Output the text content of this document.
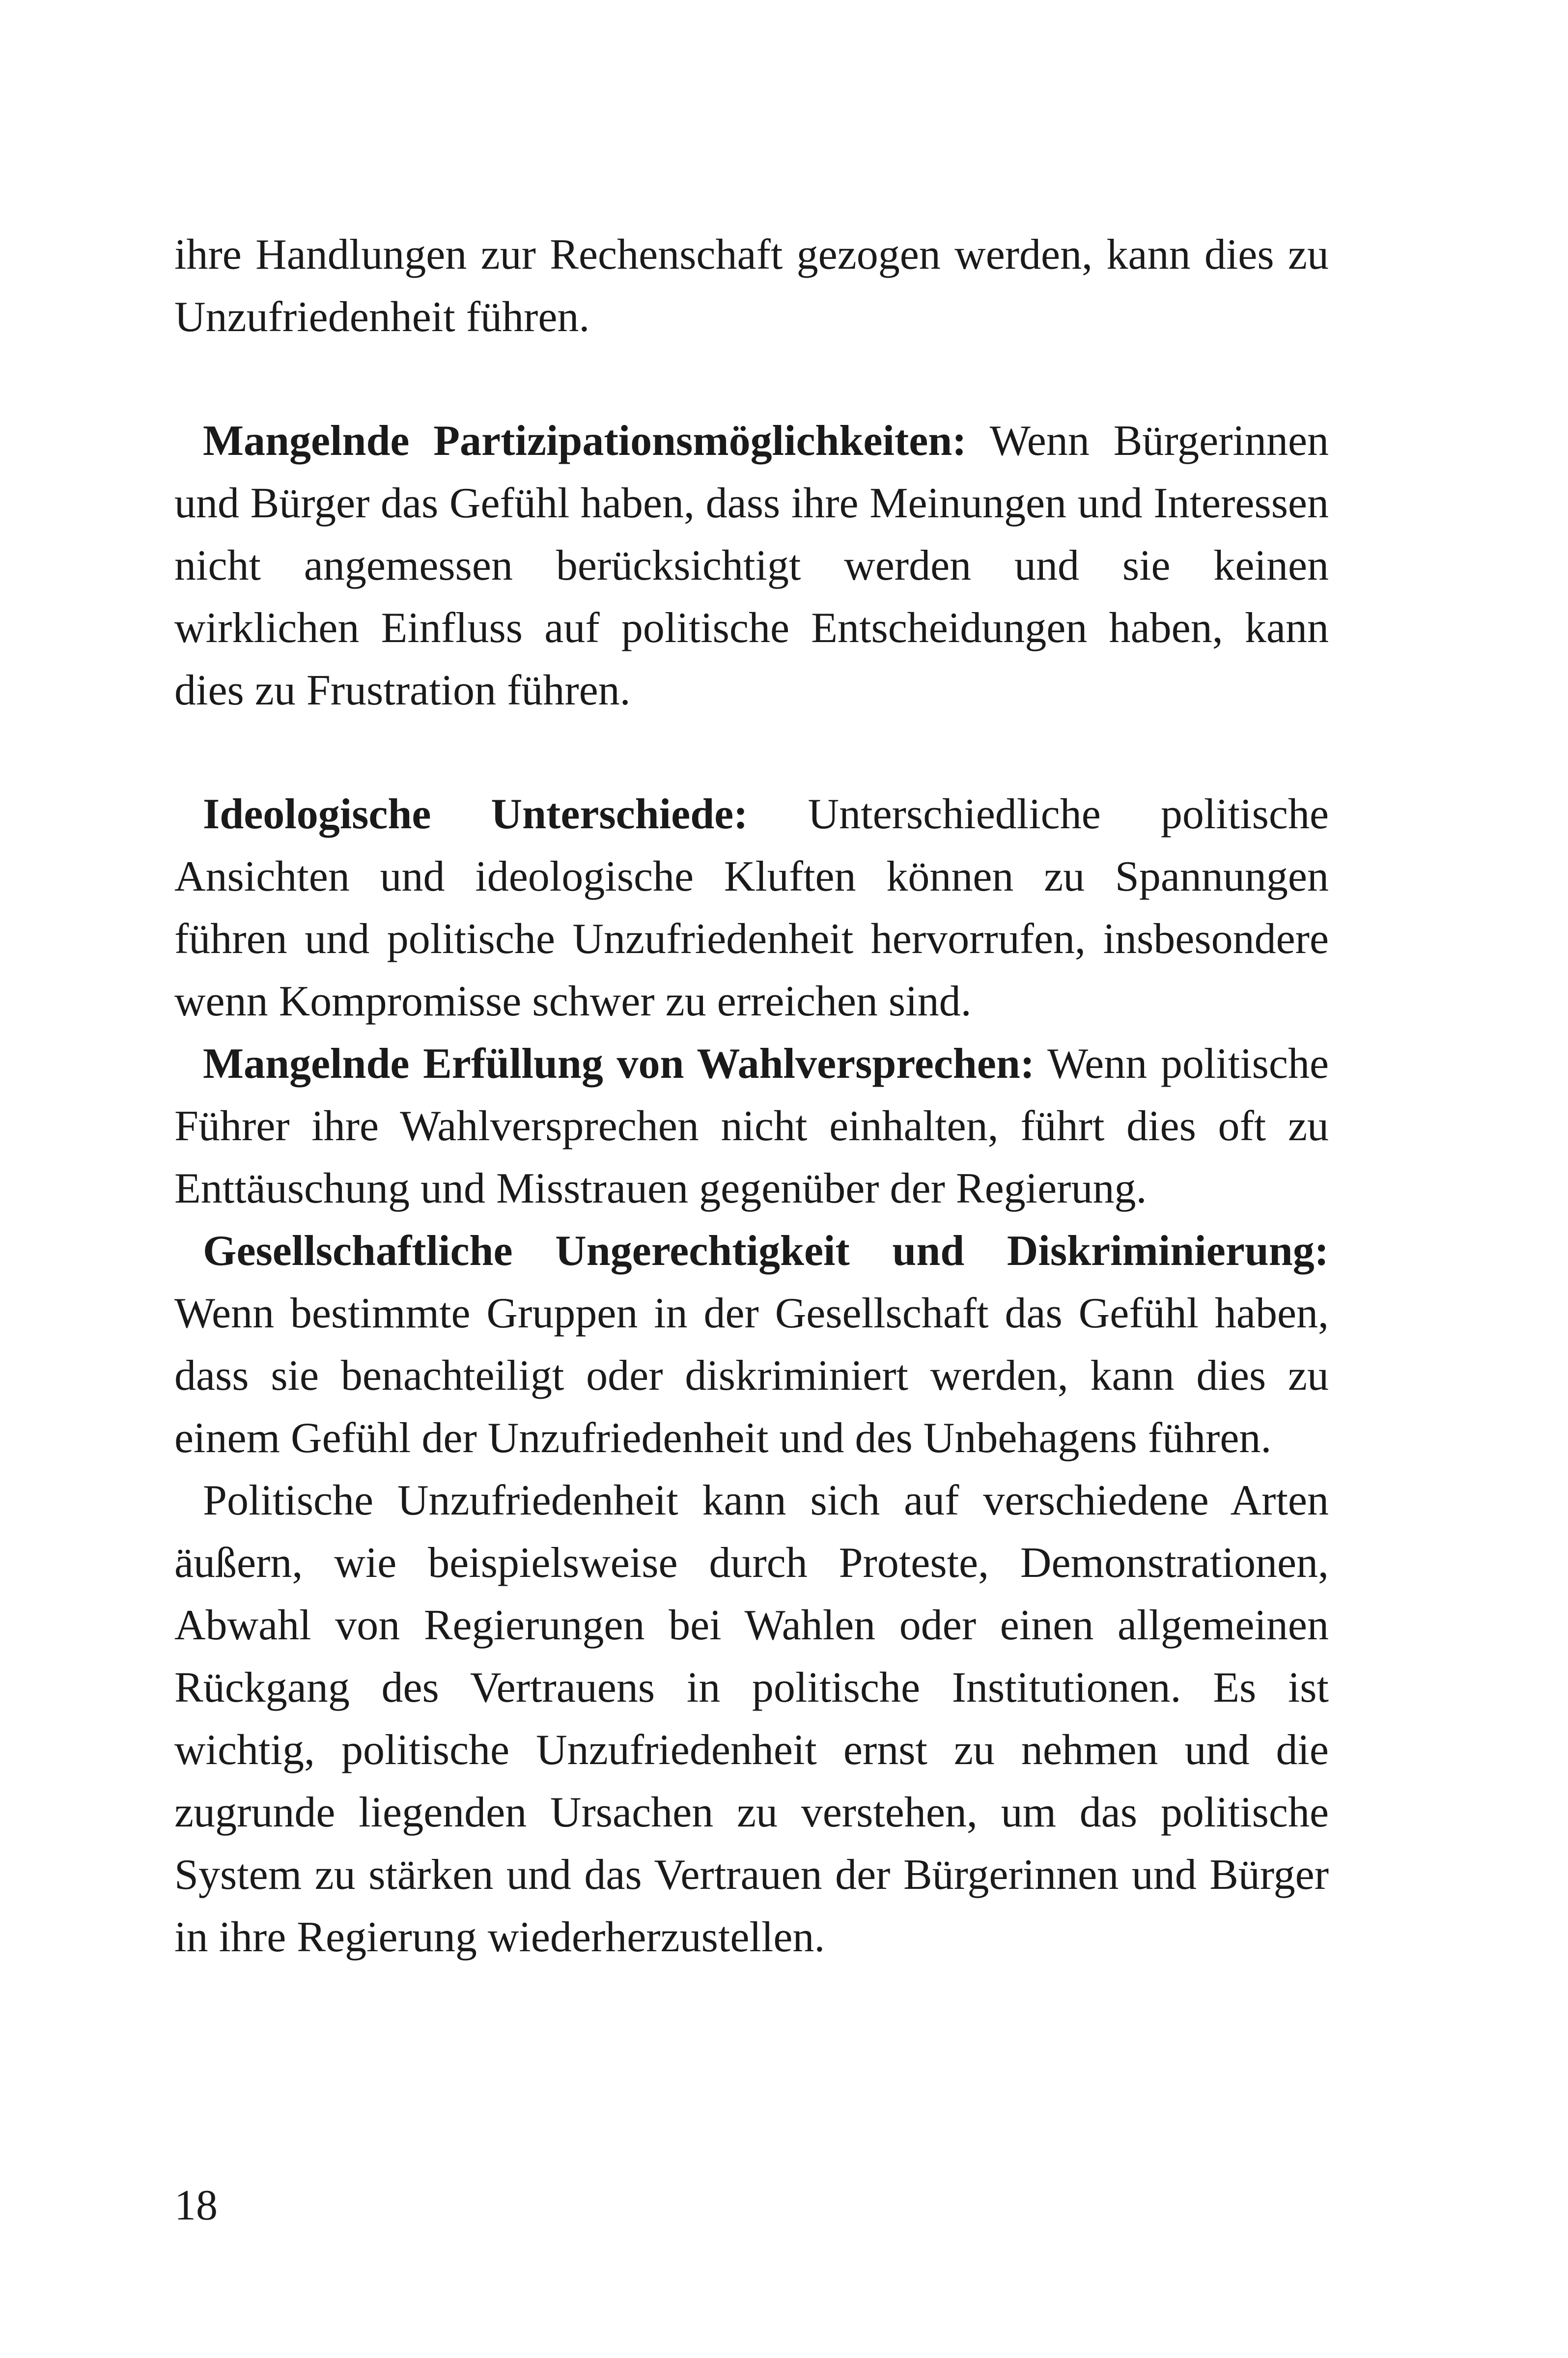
ihre Handlungen zur Rechenschaft gezogen werden, kann dies zu Unzufriedenheit führen.

Mangelnde Partizipationsmöglichkeiten: Wenn Bürgerinnen und Bürger das Gefühl haben, dass ihre Meinungen und Interessen nicht angemessen berücksichtigt werden und sie keinen wirklichen Einfluss auf politische Entscheidungen haben, kann dies zu Frustration führen.

Ideologische Unterschiede: Unterschiedliche politische Ansichten und ideologische Kluften können zu Spannungen führen und politische Unzufriedenheit hervorrufen, insbesondere wenn Kompromisse schwer zu erreichen sind.

Mangelnde Erfüllung von Wahlversprechen: Wenn politische Führer ihre Wahlversprechen nicht einhalten, führt dies oft zu Enttäuschung und Misstrauen gegenüber der Regierung.

Gesellschaftliche Ungerechtigkeit und Diskriminierung: Wenn bestimmte Gruppen in der Gesellschaft das Gefühl haben, dass sie benachteiligt oder diskriminiert werden, kann dies zu einem Gefühl der Unzufriedenheit und des Unbehagens führen.

Politische Unzufriedenheit kann sich auf verschiedene Arten äußern, wie beispielsweise durch Proteste, Demonstrationen, Abwahl von Regierungen bei Wahlen oder einen allgemeinen Rückgang des Vertrauens in politische Institutionen. Es ist wichtig, politische Unzufriedenheit ernst zu nehmen und die zugrunde liegenden Ursachen zu verstehen, um das politische System zu stärken und das Vertrauen der Bürgerinnen und Bürger in ihre Regierung wiederherzustellen.

18
